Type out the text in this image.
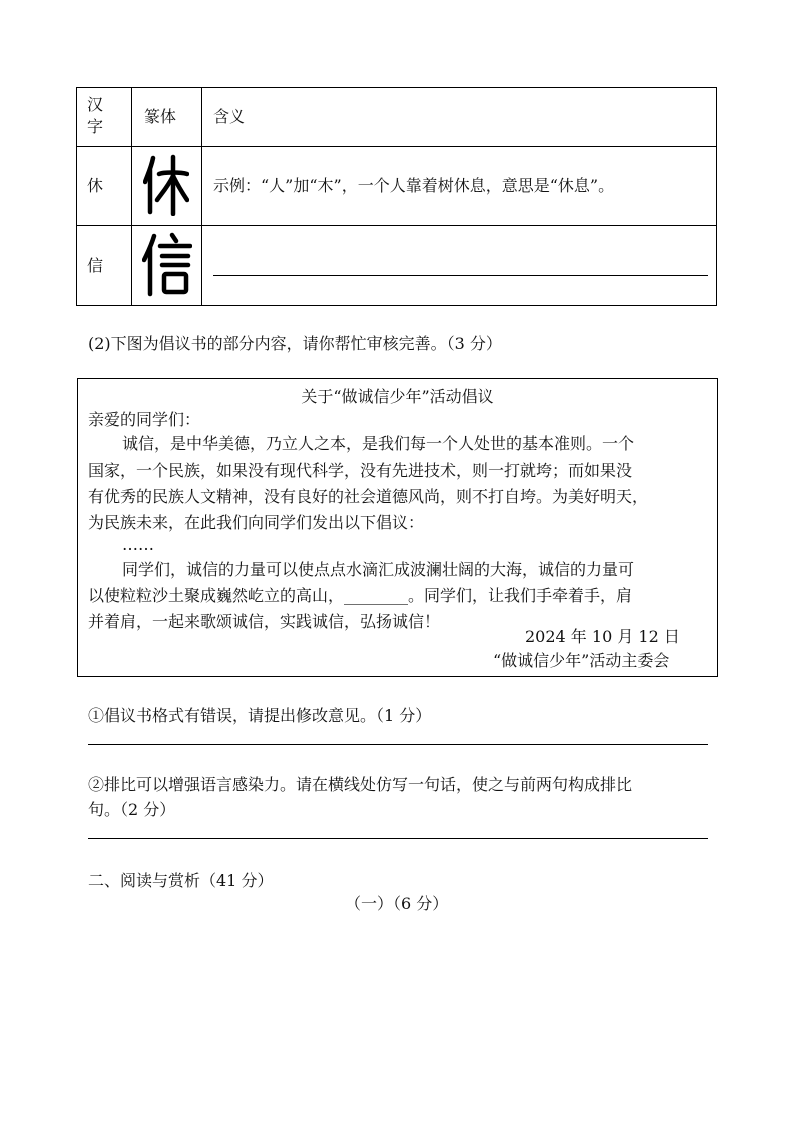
汉字
篆体 含义
休	示例：“人”加“木”，一个人靠着树休息，意思是“休息”。
信
(2)下图为倡议书的部分内容，请你帮忙审核完善。（3 分）
关于“做诚信少年”活动倡议
亲爱的同学们：
诚信，是中华美德，乃立人之本，是我们每一个人处世的基本准则。一个
国家，一个民族，如果没有现代科学，没有先进技术，则一打就垮；而如果没
有优秀的民族人文精神，没有良好的社会道德风尚，则不打自垮。为美好明天，
为民族未来，在此我们向同学们发出以下倡议：
……
同学们，诚信的力量可以使点点水滴汇成波澜壮阔的大海，诚信的力量可
以使粒粒沙土聚成巍然屹立的高山，________。同学们，让我们手牵着手，肩
并着肩，一起来歌颂诚信，实践诚信，弘扬诚信！
2024 年 10 月 12 日
“做诚信少年”活动主委会
①倡议书格式有错误，请提出修改意见。（1 分）
②排比可以增强语言感染力。请在横线处仿写一句话，使之与前两句构成排比
句。（2 分）
二、阅读与赏析（41 分）
（一）（6 分）
